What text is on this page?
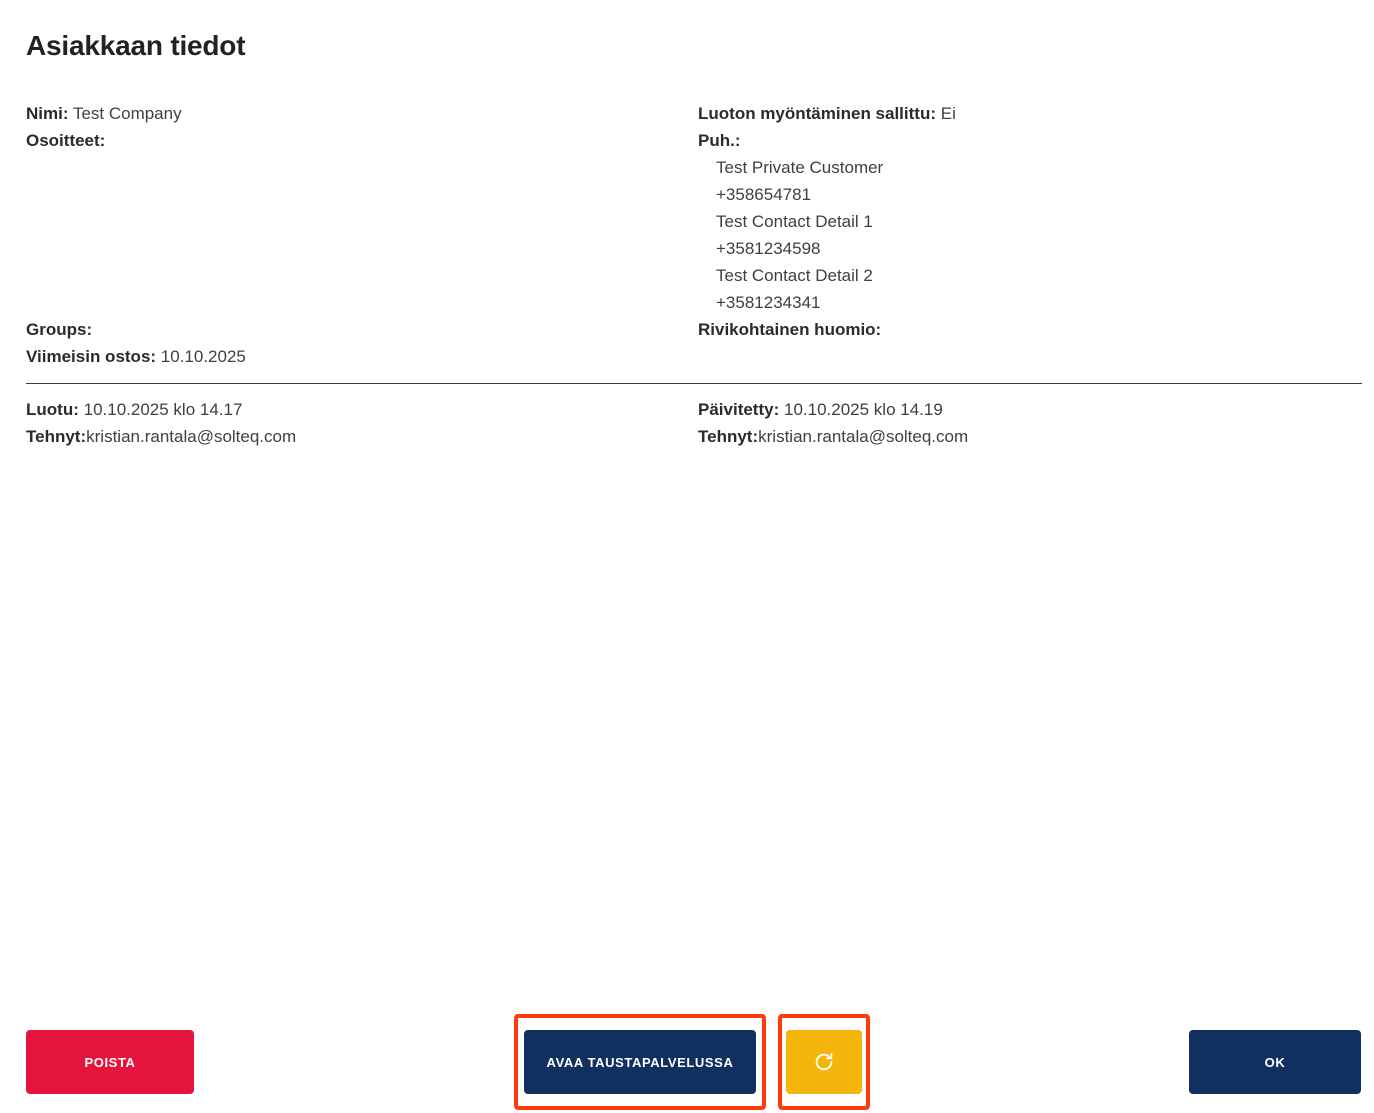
Asiakkaan tiedot
Nimi: Test Company
Osoitteet:
Groups:
Viimeisin ostos: 10.10.2025
Luoton myöntäminen sallittu: Ei
Puh.:
Test Private Customer
+358654781
Test Contact Detail 1
+3581234598
Test Contact Detail 2
+3581234341
Rivikohtainen huomio:
Luotu: 10.10.2025 klo 14.17
Tehnyt:kristian.rantala@solteq.com
Päivitetty: 10.10.2025 klo 14.19
Tehnyt:kristian.rantala@solteq.com
POISTA	AVAA TAUSTAPALVELUSSA	OK
